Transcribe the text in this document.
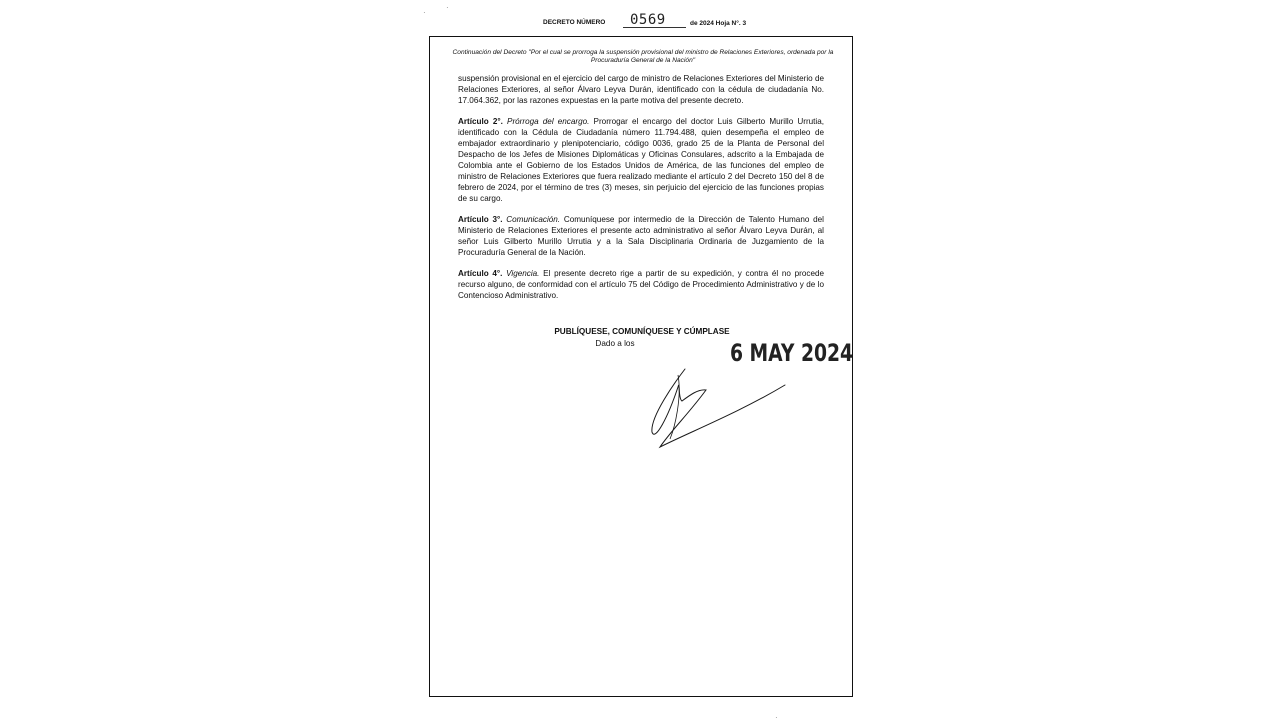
·
·
·
DECRETO NÚMERO 0569	de 2024 Hoja N°. 3
Continuación del Decreto "Por el cual se prorroga la suspensión provisional del ministro de Relaciones Exteriores, ordenada por la Procuraduría General de la Nación"

suspensión provisional en el ejercicio del cargo de ministro de Relaciones Exteriores del Ministerio de Relaciones Exteriores, al señor Álvaro Leyva Durán, identificado con la cédula de ciudadanía No. 17.064.362, por las razones expuestas en la parte motiva del presente decreto.

Artículo 2°. Prórroga del encargo. Prorrogar el encargo del doctor Luis Gilberto Murillo Urrutia, identificado con la Cédula de Ciudadanía número 11.794.488, quien desempeña el empleo de embajador extraordinario y plenipotenciario, código 0036, grado 25 de la Planta de Personal del Despacho de los Jefes de Misiones Diplomáticas y Oficinas Consulares, adscrito a la Embajada de Colombia ante el Gobierno de los Estados Unidos de América, de las funciones del empleo de ministro de Relaciones Exteriores que fuera realizado mediante el artículo 2 del Decreto 150 del 8 de febrero de 2024, por el término de tres (3) meses, sin perjuicio del ejercicio de las funciones propias de su cargo.

Artículo 3°. Comunicación. Comuníquese por intermedio de la Dirección de Talento Humano del Ministerio de Relaciones Exteriores el presente acto administrativo al señor Álvaro Leyva Durán, al señor Luis Gilberto Murillo Urrutia y a la Sala Disciplinaria Ordinaria de Juzgamiento de la Procuraduría General de la Nación.

Artículo 4°. Vigencia. El presente decreto rige a partir de su expedición, y contra él no procede recurso alguno, de conformidad con el artículo 75 del Código de Procedimiento Administrativo y de lo Contencioso Administrativo.

PUBLÍQUESE, COMUNÍQUESE Y CÚMPLASE
Dado a los	6 MAY 2024
